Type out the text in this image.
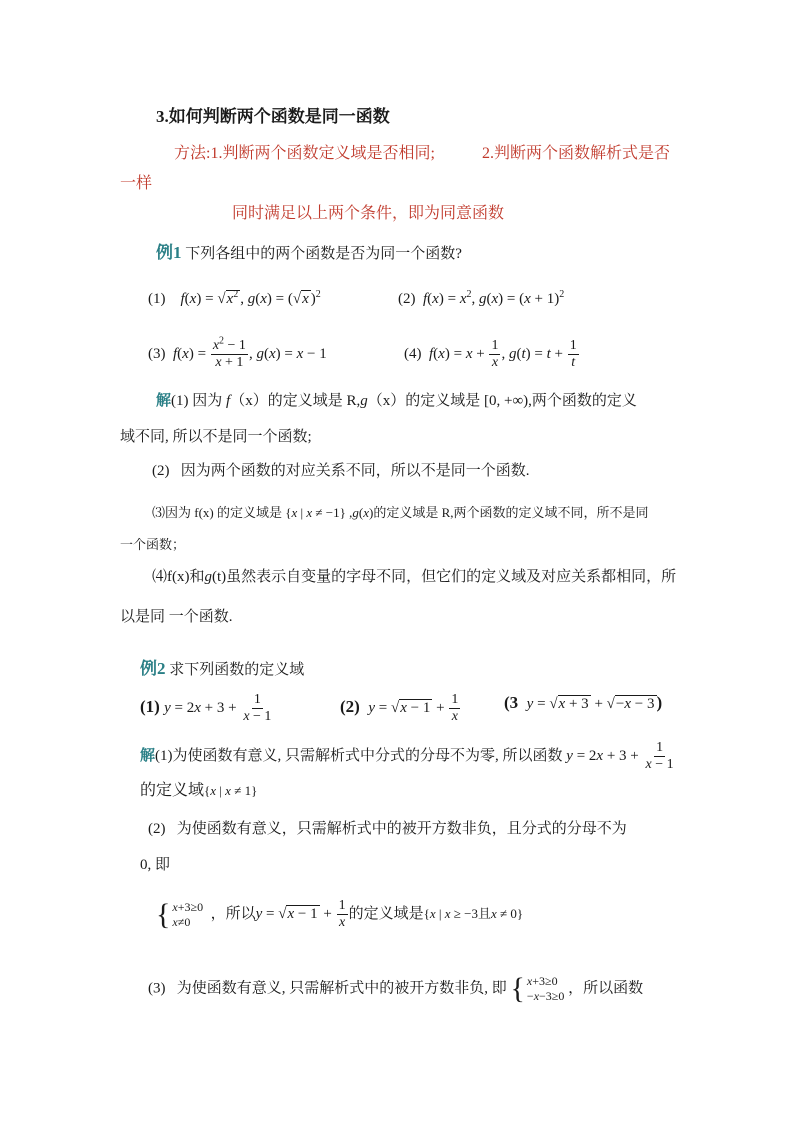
3.如何判断两个函数是同一函数
方法:1.判断两个函数定义域是否相同;	2.判断两个函数解析式是否
一样
同时满足以上两个条件，即为同意函数
例1 下列各组中的两个函数是否为同一个函数?
(1) $f(x) = √x^2$ , g(x) = (√x )$^2$	(2) $f(x) = x^2$, $g(x) = (x + 1)^2$
(3) $f(x) = \frac{x^2 - 1}{x + 1}$ , g(x) = x − 1	(4) $f(x) = x + \frac{1}{x}$ , $g(t) = t + \frac{1}{t}$
解(1) 因为 f（x）的定义域是 R,g（x）的定义域是 [0, +∞),两个函数的定义
域不同, 所以不是同一个函数;
(2) 因为两个函数的对应关系不同，所以不是同一个函数.
⑶因为 f(x) 的定义域是 {x | x ≠ −1} ,g(x)的定义域是 R,两个函数的定义域不同，所不是同
一个函数；
⑷f(x)和g(t)虽然表示自变量的字母不同，但它们的定义域及对应关系都相同，所
以是同 一个函数.
例2 求下列函数的定义域
(1) $y = 2x + 3 + \frac{1}{x - 1}$	(2) $y = √x - 1 + \frac{1}{x}$	(3 y = √x + 3 + √−x − 3 )
解(1)为使函数有意义, 只需解析式中分式的分母不为零, 所以函数 $y = 2x + 3 + \frac{1}{x - 1}$
的定义域{x | x ≠ 1}
(2) 为使函数有意义，只需解析式中的被开方数非负，且分式的分母不为
0, 即
{ x+3≥0
x≠0	，所以$y = √x - 1 + \frac{1}{x}$ 的定义域是{x | x ≥ −3且x ≠ 0}
(3) 为使函数有意义, 只需解析式中的被开方数非负, 即 { x+3≥0
−x−3≥0 ，所以函数
